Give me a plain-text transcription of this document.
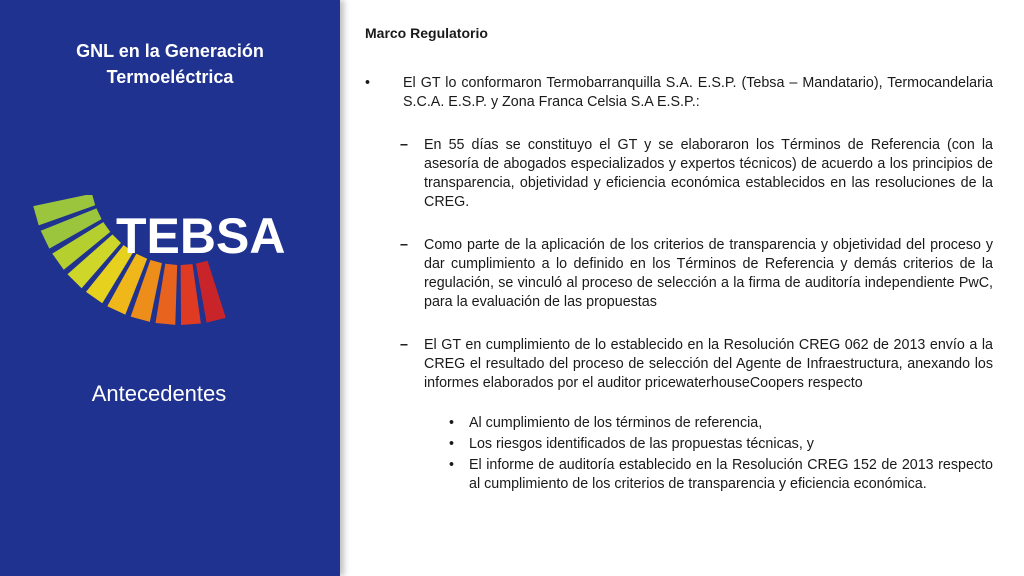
GNL en la Generación
Termoeléctrica
TEBSA
Antecedentes
Marco Regulatorio
• El GT lo conformaron Termobarranquilla S.A. E.S.P. (Tebsa – Mandatario), Termocandelaria S.C.A. E.S.P. y Zona Franca Celsia S.A E.S.P.:
– En 55 días se constituyo el GT y se elaboraron los Términos de Referencia (con la asesoría de abogados especializados y expertos técnicos) de acuerdo a los principios de transparencia, objetividad y eficiencia económica establecidos en las resoluciones de la CREG.
– Como parte de la aplicación de los criterios de transparencia y objetividad del proceso y dar cumplimiento a lo definido en los Términos de Referencia y demás criterios de la regulación, se vinculó al proceso de selección a la firma de auditoría independiente PwC, para la evaluación de las propuestas
– El GT en cumplimiento de lo establecido en la Resolución CREG 062 de 2013 envío a la CREG el resultado del proceso de selección del Agente de Infraestructura, anexando los informes elaborados por el auditor pricewaterhouseCoopers respecto
• Al cumplimiento de los términos de referencia,
• Los riesgos identificados de las propuestas técnicas, y
• El informe de auditoría establecido en la Resolución CREG 152 de 2013 respecto al cumplimiento de los criterios de transparencia y eficiencia económica.
